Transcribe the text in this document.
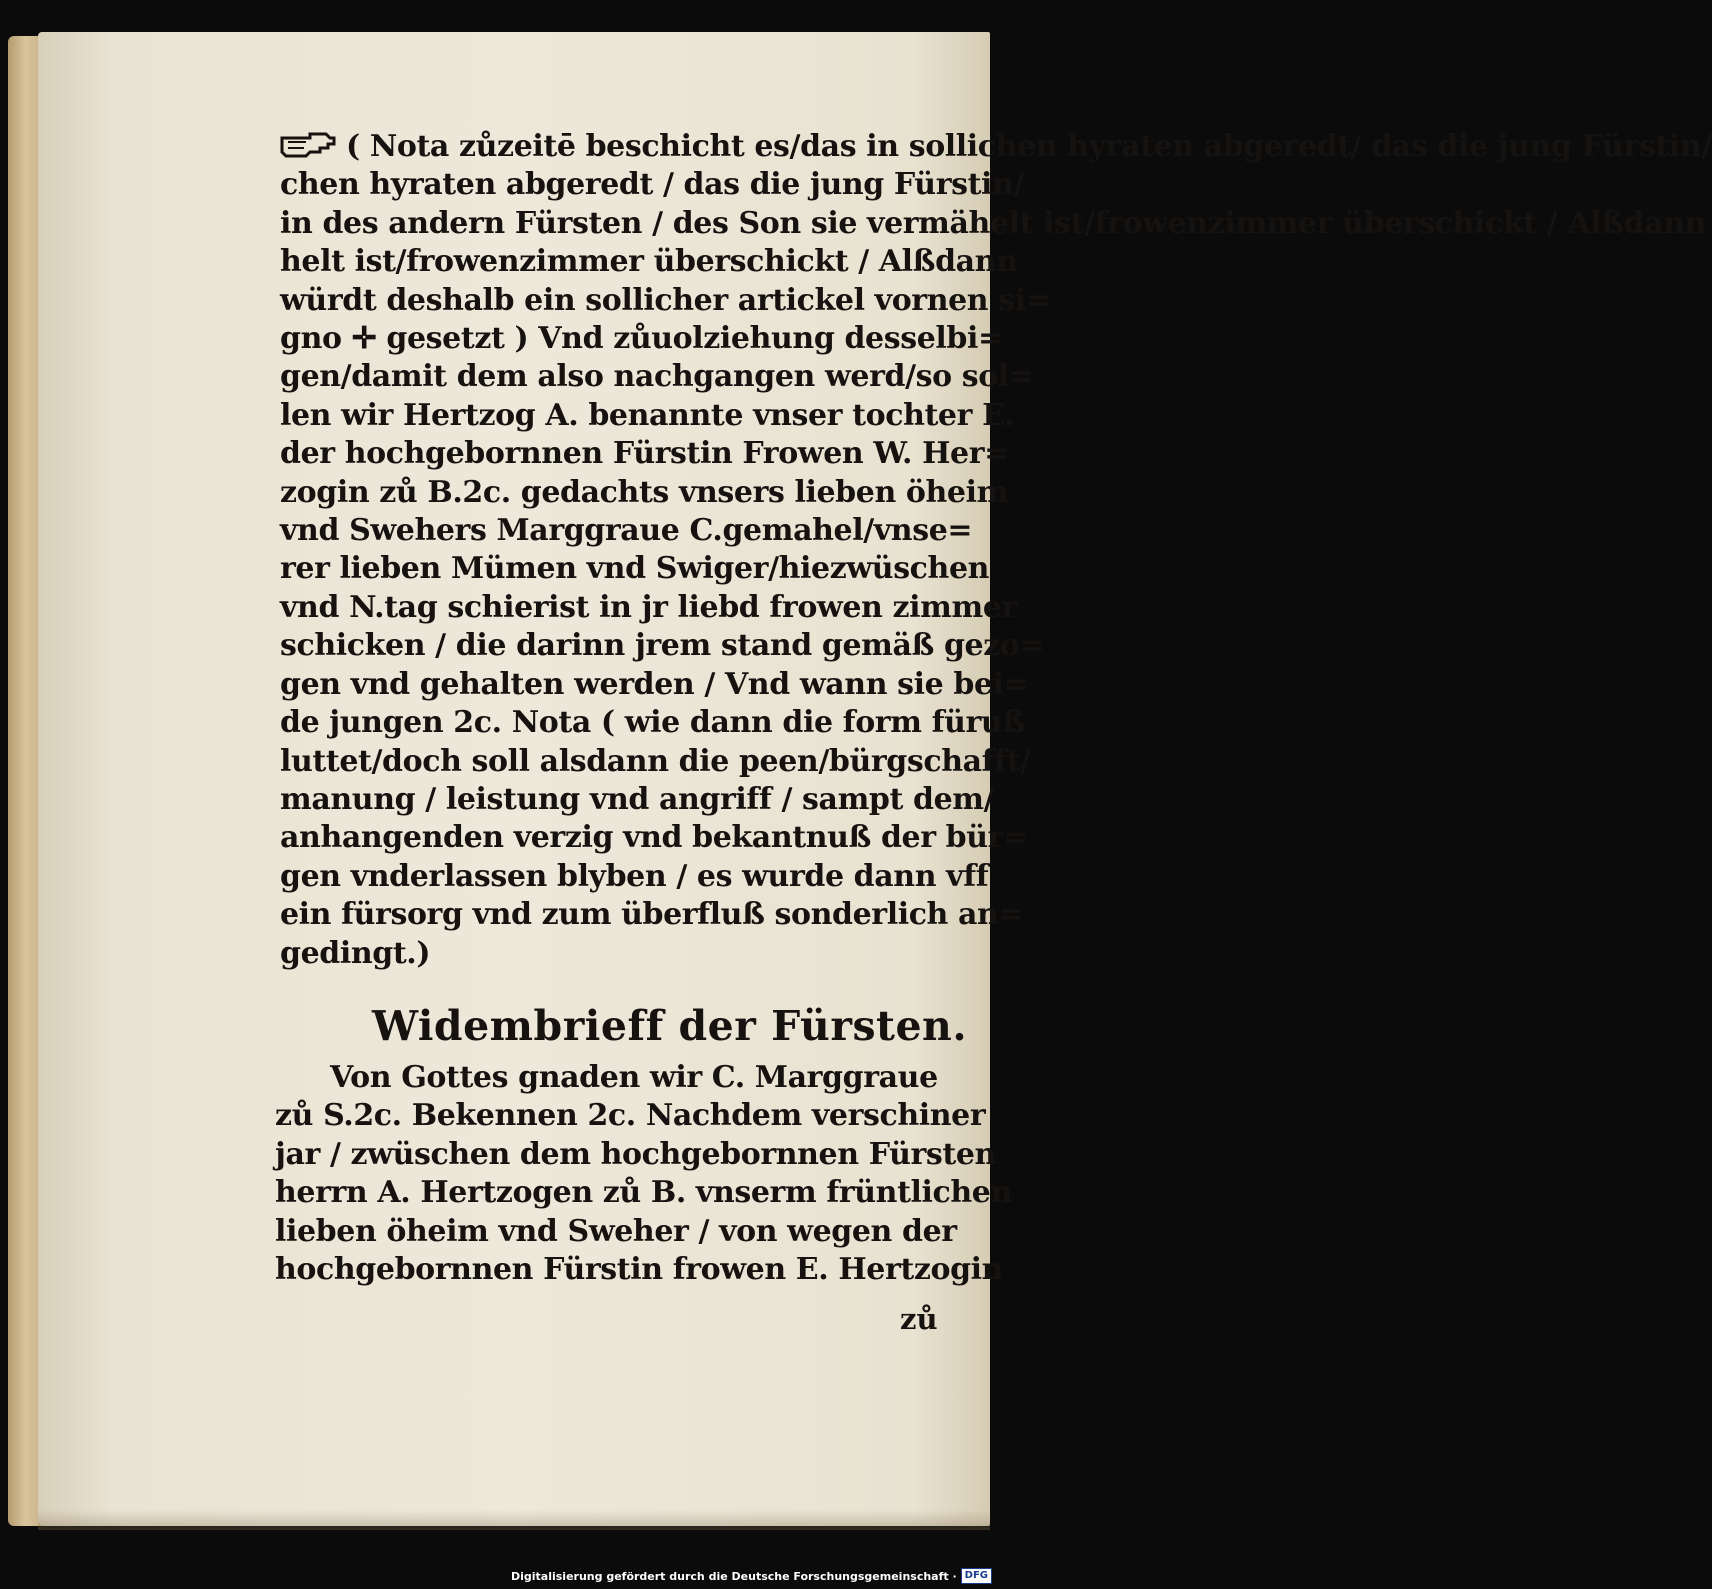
( Nota zůzeitē beschicht es/das in sollichen hyraten abgeredt/ das die jung Fürstin/
chen hyraten abgeredt / das die jung Fürstin/
in des andern Fürsten / des Son sie vermähelt ist/frowenzimmer überschickt / Alßdann
helt ist/frowenzimmer überschickt / Alßdann
würdt deshalb ein sollicher artickel vornen si=
gno ✛ gesetzt ) Vnd zůuolziehung desselbi=
gen/damit dem also nachgangen werd/so sol=
len wir Hertzog A. benannte vnser tochter E.
der hochgebornnen Fürstin Frowen W. Her=
zogin zů B.2c. gedachts vnsers lieben öheim
vnd Swehers Marggraue C.gemahel/vnse=
rer lieben Mümen vnd Swiger/hiezwüschen
vnd N.tag schierist in jr liebd frowen zimmer
schicken / die darinn jrem stand gemäß gezo=
gen vnd gehalten werden / Vnd wann sie bei=
de jungen 2c. Nota ( wie dann die form füruß
luttet/doch soll alsdann die peen/bürgschafft/
manung / leistung vnd angriff / sampt dem/
anhangenden verzig vnd bekantnuß der bür=
gen vnderlassen blyben / es wurde dann vff
ein fürsorg vnd zum überfluß sonderlich an=
gedingt.)
Widembrieff der Fürsten.
Von Gottes gnaden wir C. Marggraue
zů S.2c. Bekennen 2c. Nachdem verschiner
jar / zwüschen dem hochgebornnen Fürsten
herrn A. Hertzogen zů B. vnserm früntlichen
lieben öheim vnd Sweher / von wegen der
hochgebornnen Fürstin frowen E. Hertzogin
zů
Digitalisierung gefördert durch die Deutsche Forschungsgemeinschaft · DFG
